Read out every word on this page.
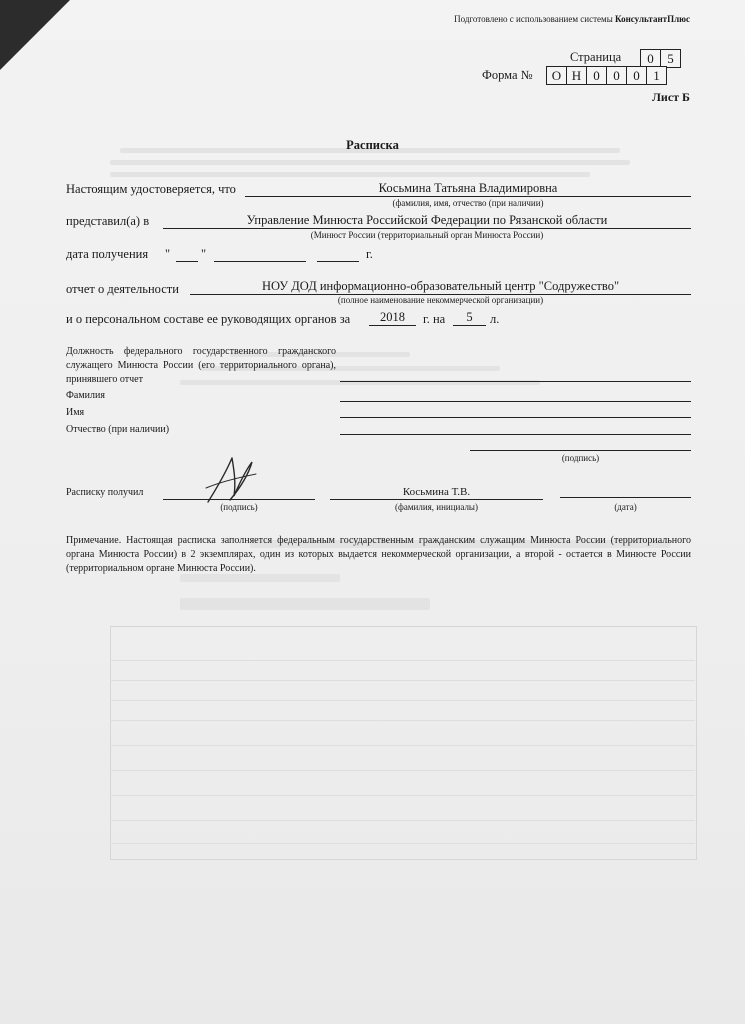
Подготовлено с использованием системы КонсультантПлюс
Страница	0	5
Форма №	О Н 0	0	0	1
Лист Б
Расписка
Настоящим удостоверяется, что	Косьмина Татьяна Владимировна
(фамилия, имя, отчество (при наличии)
представил(а) в	Управление Минюста Российской Федерации по Рязанской области
(Минюст России (территориальный орган Минюста России)
дата получения " "	г.
отчет о деятельности	НОУ ДОД информационно-образовательный центр "Содружество"
(полное наименование некоммерческой организации)
и о персональном составе ее руководящих органов за	2018	г. на	5	л.
Должность федерального государственного гражданского служащего Минюста России (его территориального органа), принявшего отчет
Фамилия
Имя
Отчество (при наличии)
(подпись)
Расписку получил
(подпись)
Косьмина Т.В.
(фамилия, инициалы)	(дата)
Примечание. Настоящая расписка заполняется федеральным государственным гражданским служащим Минюста России (территориального органа Минюста России) в 2 экземплярах, один из которых выдается некоммерческой организации, а второй - остается в Минюсте России (территориальном органе Минюста России).
